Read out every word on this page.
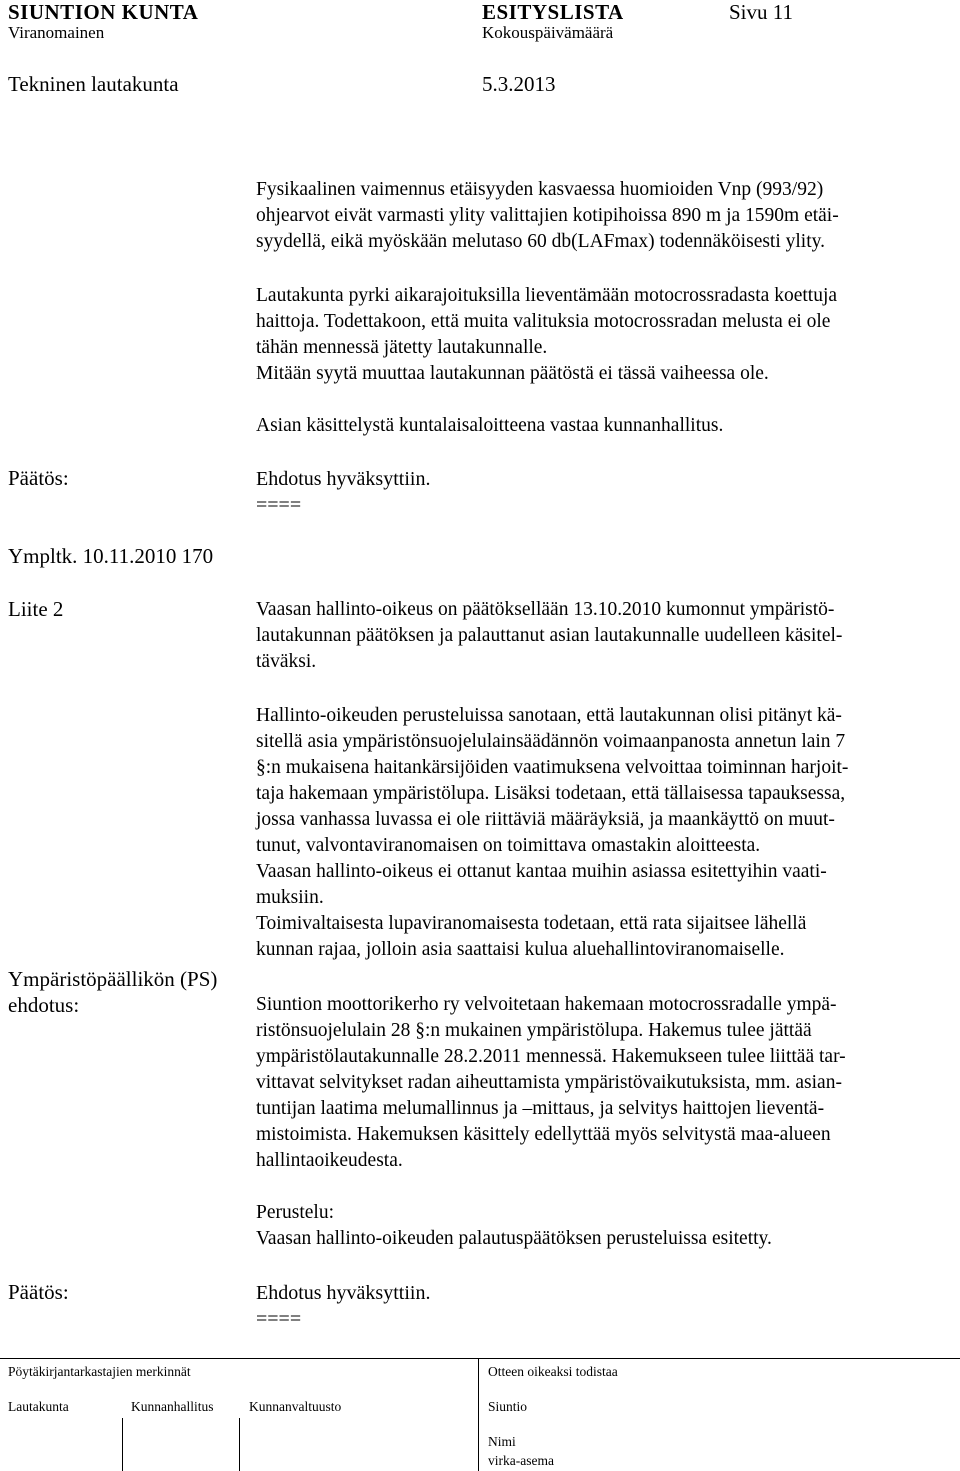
SIUNTION KUNTA	ESITYSLISTA	Sivu 11
Viranomainen	Kokouspäivämäärä
Tekninen lautakunta	5.3.2013
Fysikaalinen vaimennus etäisyyden kasvaessa huomioiden Vnp (993/92)
ohjearvot eivät varmasti ylity valittajien kotipihoissa 890 m ja 1590m etäi-
syydellä, eikä myöskään melutaso 60 db(LAFmax) todennäköisesti ylity.
Lautakunta pyrki aikarajoituksilla lieventämään motocrossradasta koettuja
haittoja. Todettakoon, että muita valituksia motocrossradan melusta ei ole
tähän mennessä jätetty lautakunnalle.
Mitään syytä muuttaa lautakunnan päätöstä ei tässä vaiheessa ole.
Asian käsittelystä kuntalaisaloitteena vastaa kunnanhallitus.
Päätös:	Ehdotus hyväksyttiin.
====
Ympltk. 10.11.2010 170
Liite 2	Vaasan hallinto-oikeus on päätöksellään 13.10.2010 kumonnut ympäristö-
lautakunnan päätöksen ja palauttanut asian lautakunnalle uudelleen käsitel-
täväksi.
Hallinto-oikeuden perusteluissa sanotaan, että lautakunnan olisi pitänyt kä-
sitellä asia ympäristönsuojelulainsäädännön voimaanpanosta annetun lain 7
§:n mukaisena haitankärsijöiden vaatimuksena velvoittaa toiminnan harjoit-
taja hakemaan ympäristölupa. Lisäksi todetaan, että tällaisessa tapauksessa,
jossa vanhassa luvassa ei ole riittäviä määräyksiä, ja maankäyttö on muut-
tunut, valvontaviranomaisen on toimittava omastakin aloitteesta.
Vaasan hallinto-oikeus ei ottanut kantaa muihin asiassa esitettyihin vaati-
muksiin.
Toimivaltaisesta lupaviranomaisesta todetaan, että rata sijaitsee lähellä
kunnan rajaa, jolloin asia saattaisi kulua aluehallintoviranomaiselle.
Ympäristöpäällikön (PS)
ehdotus:	Siuntion moottorikerho ry velvoitetaan hakemaan motocrossradalle ympä-
ristönsuojelulain 28 §:n mukainen ympäristölupa. Hakemus tulee jättää
ympäristölautakunnalle 28.2.2011 mennessä. Hakemukseen tulee liittää tar-
vittavat selvitykset radan aiheuttamista ympäristövaikutuksista, mm. asian-
tuntijan laatima melumallinnus ja –mittaus, ja selvitys haittojen lieventä-
mistoimista. Hakemuksen käsittely edellyttää myös selvitystä maa-alueen
hallintaoikeudesta.
Perustelu:
Vaasan hallinto-oikeuden palautuspäätöksen perusteluissa esitetty.
Päätös:	Ehdotus hyväksyttiin.
====
Pöytäkirjantarkastajien merkinnät	Otteen oikeaksi todistaa
Lautakunta	Kunnanhallitus	Kunnanvaltuusto	Siuntio
Nimi
virka-asema
